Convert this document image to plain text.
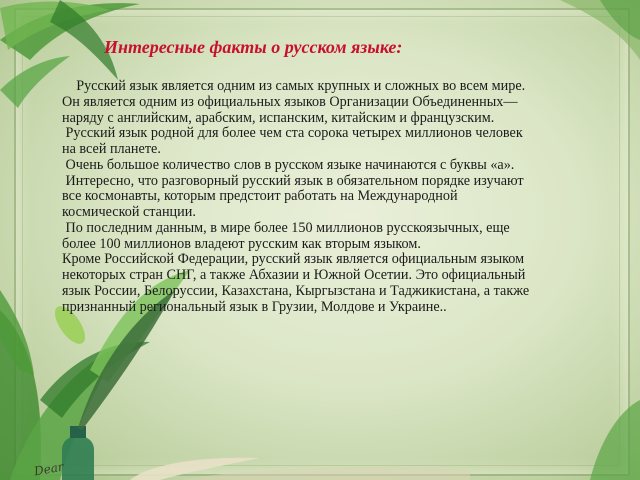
Dear
Интересные факты о русском языке:
Русский язык является одним из самых крупных и сложных во всем мире.
Он является одним из официальных языков Организации Объединенных—
наряду с английским, арабским, испанским, китайским и французским.
Русский язык родной для более чем ста сорока четырех миллионов человек
на всей планете.
Очень большое количество слов в русском языке начинаются с буквы «а».
Интересно, что разговорный русский язык в обязательном порядке изучают
все космонавты, которым предстоит работать на Международной
космической станции.
По последним данным, в мире более 150 миллионов русскоязычных, еще
более 100 миллионов владеют русским как вторым языком.
Кроме Российской Федерации, русский язык является официальным языком
некоторых стран СНГ, а также Абхазии и Южной Осетии. Это официальный
язык России, Белоруссии, Казахстана, Кыргызстана и Таджикистана, а также
признанный региональный язык в Грузии, Молдове и Украине..
